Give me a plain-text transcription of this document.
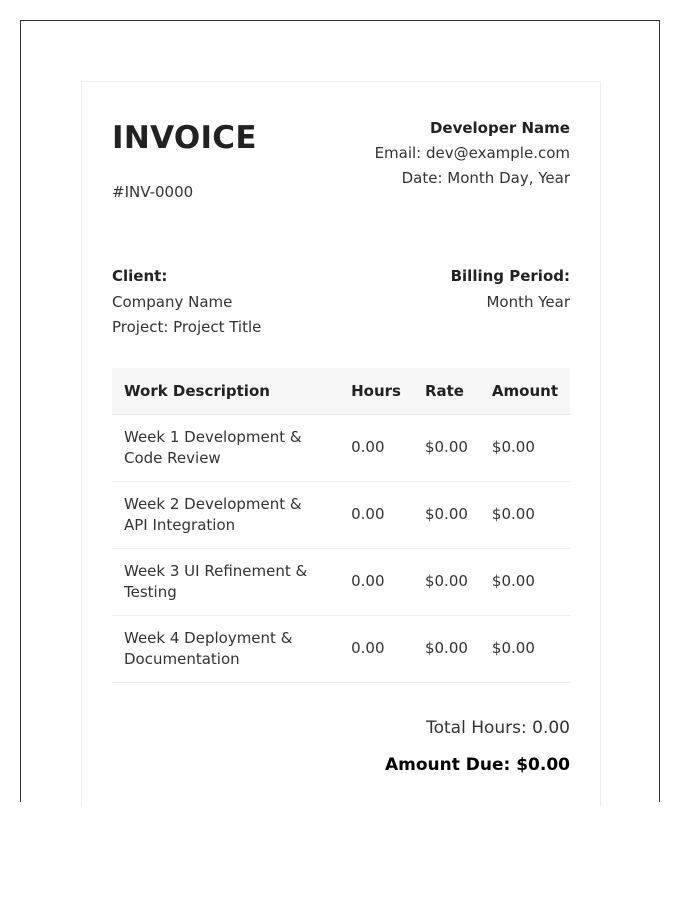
INVOICE
#INV-0000
Developer Name
Email: dev@example.com
Date: Month Day, Year
Client:
Company Name
Project: Project Title
Billing Period:
Month Year
Work Description	Hours	Rate	Amount
Week 1 Development & Code Review	0.00	$0.00	$0.00
Week 2 Development & API Integration	0.00	$0.00	$0.00
Week 3 UI Refinement & Testing	0.00	$0.00	$0.00
Week 4 Deployment & Documentation	0.00	$0.00	$0.00
Total Hours: 0.00
Amount Due: $0.00
